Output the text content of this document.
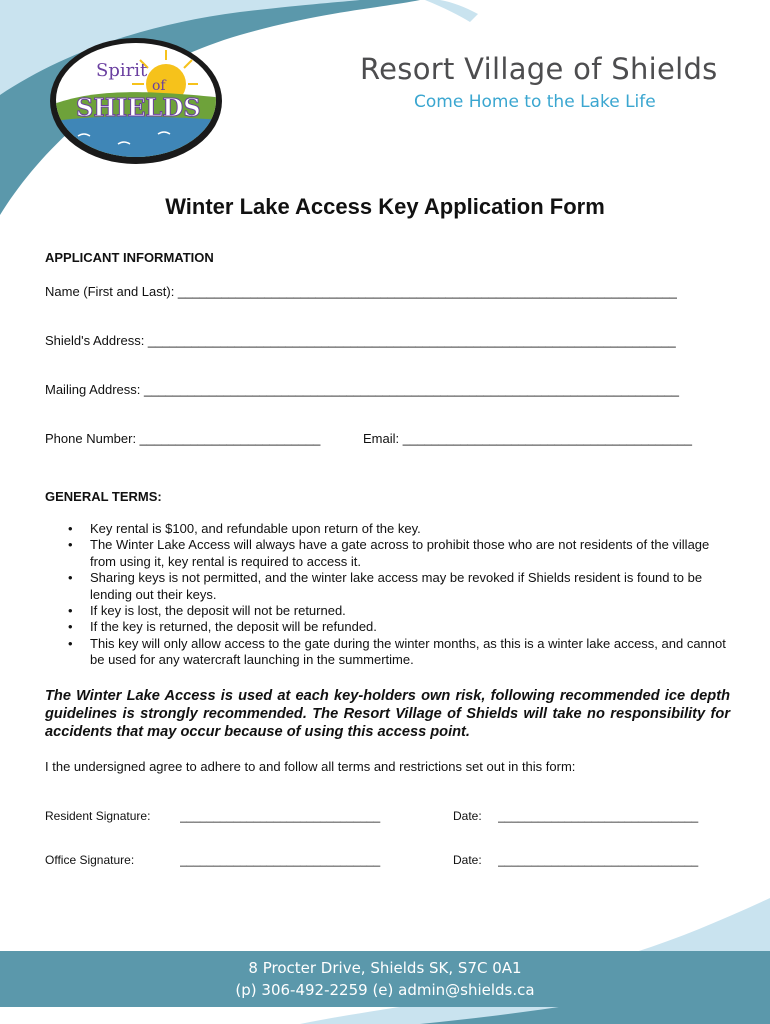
Spirit
of
SHIELDS
Resort Village of Shields
Come Home to the Lake Life
Winter Lake Access Key Application Form
APPLICANT INFORMATION
Name (First and Last): _____________________________________________________________________
Shield's Address: _________________________________________________________________________
Mailing Address: __________________________________________________________________________
Phone Number: _________________________	Email: ________________________________________
GENERAL TERMS:
• Key rental is $100, and refundable upon return of the key.
• The Winter Lake Access will always have a gate across to prohibit those who are not residents of the village from using it, key rental is required to access it.
• Sharing keys is not permitted, and the winter lake access may be revoked if Shields resident is found to be lending out their keys.
• If key is lost, the deposit will not be returned.
• If the key is returned, the deposit will be refunded.
• This key will only allow access to the gate during the winter months, as this is a winter lake access, and cannot be used for any watercraft launching in the summertime.
The Winter Lake Access is used at each key-holders own risk, following recommended ice depth guidelines is strongly recommended. The Resort Village of Shields will take no responsibility for accidents that may occur because of using this access point.
I the undersigned agree to adhere to and follow all terms and restrictions set out in this form:
Resident Signature: ______________________________	Date: ______________________________
Office Signature:	______________________________	Date: ______________________________
8 Procter Drive, Shields SK, S7C 0A1
(p) 306-492-2259 (e) admin@shields.ca
